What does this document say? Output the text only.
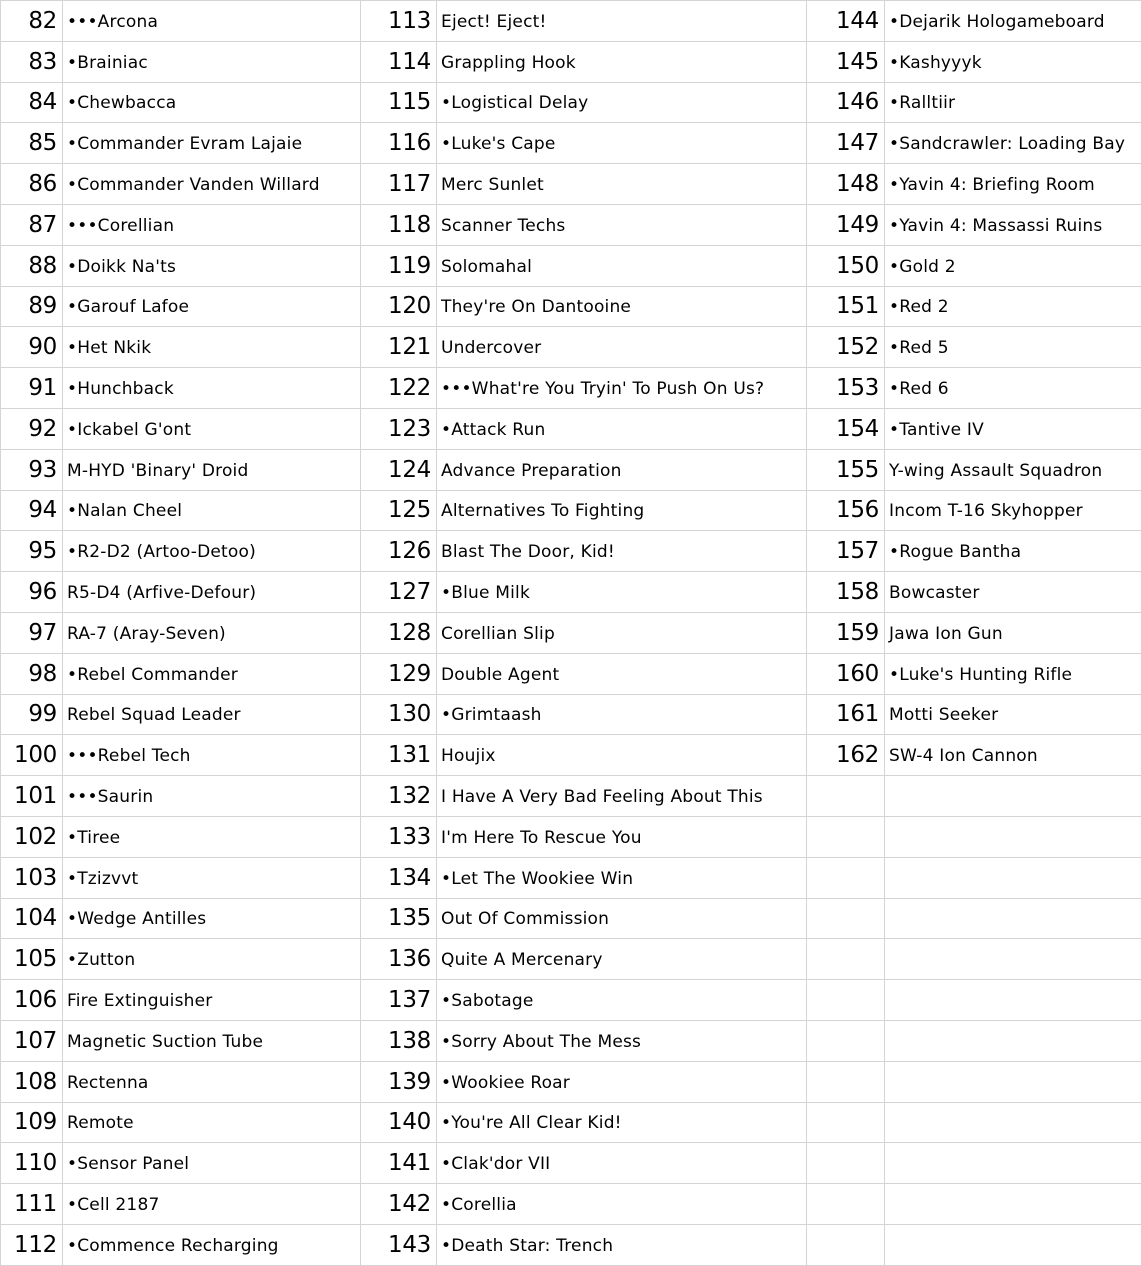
82	•••Arcona	113	Eject! Eject!	144	•Dejarik Hologameboard
83	•Brainiac	114	Grappling Hook	145	•Kashyyyk
84	•Chewbacca	115	•Logistical Delay	146	•Ralltiir
85	•Commander Evram Lajaie	116	•Luke's Cape	147	•Sandcrawler: Loading Bay
86	•Commander Vanden Willard	117	Merc Sunlet	148	•Yavin 4: Briefing Room
87	•••Corellian	118	Scanner Techs	149	•Yavin 4: Massassi Ruins
88	•Doikk Na'ts	119	Solomahal	150	•Gold 2
89	•Garouf Lafoe	120	They're On Dantooine	151	•Red 2
90	•Het Nkik	121	Undercover	152	•Red 5
91	•Hunchback	122	•••What're You Tryin' To Push On Us?	153	•Red 6
92	•Ickabel G'ont	123	•Attack Run	154	•Tantive IV
93	M-HYD 'Binary' Droid	124	Advance Preparation	155	Y-wing Assault Squadron
94	•Nalan Cheel	125	Alternatives To Fighting	156	Incom T-16 Skyhopper
95	•R2-D2 (Artoo-Detoo)	126	Blast The Door, Kid!	157	•Rogue Bantha
96	R5-D4 (Arfive-Defour)	127	•Blue Milk	158	Bowcaster
97	RA-7 (Aray-Seven)	128	Corellian Slip	159	Jawa Ion Gun
98	•Rebel Commander	129	Double Agent	160	•Luke's Hunting Rifle
99	Rebel Squad Leader	130	•Grimtaash	161	Motti Seeker
100	•••Rebel Tech	131	Houjix	162	SW-4 Ion Cannon
101	•••Saurin	132	I Have A Very Bad Feeling About This		
102	•Tiree	133	I'm Here To Rescue You		
103	•Tzizvvt	134	•Let The Wookiee Win		
104	•Wedge Antilles	135	Out Of Commission		
105	•Zutton	136	Quite A Mercenary		
106	Fire Extinguisher	137	•Sabotage		
107	Magnetic Suction Tube	138	•Sorry About The Mess		
108	Rectenna	139	•Wookiee Roar		
109	Remote	140	•You're All Clear Kid!		
110	•Sensor Panel	141	•Clak'dor VII		
111	•Cell 2187	142	•Corellia		
112	•Commence Recharging	143	•Death Star: Trench		
